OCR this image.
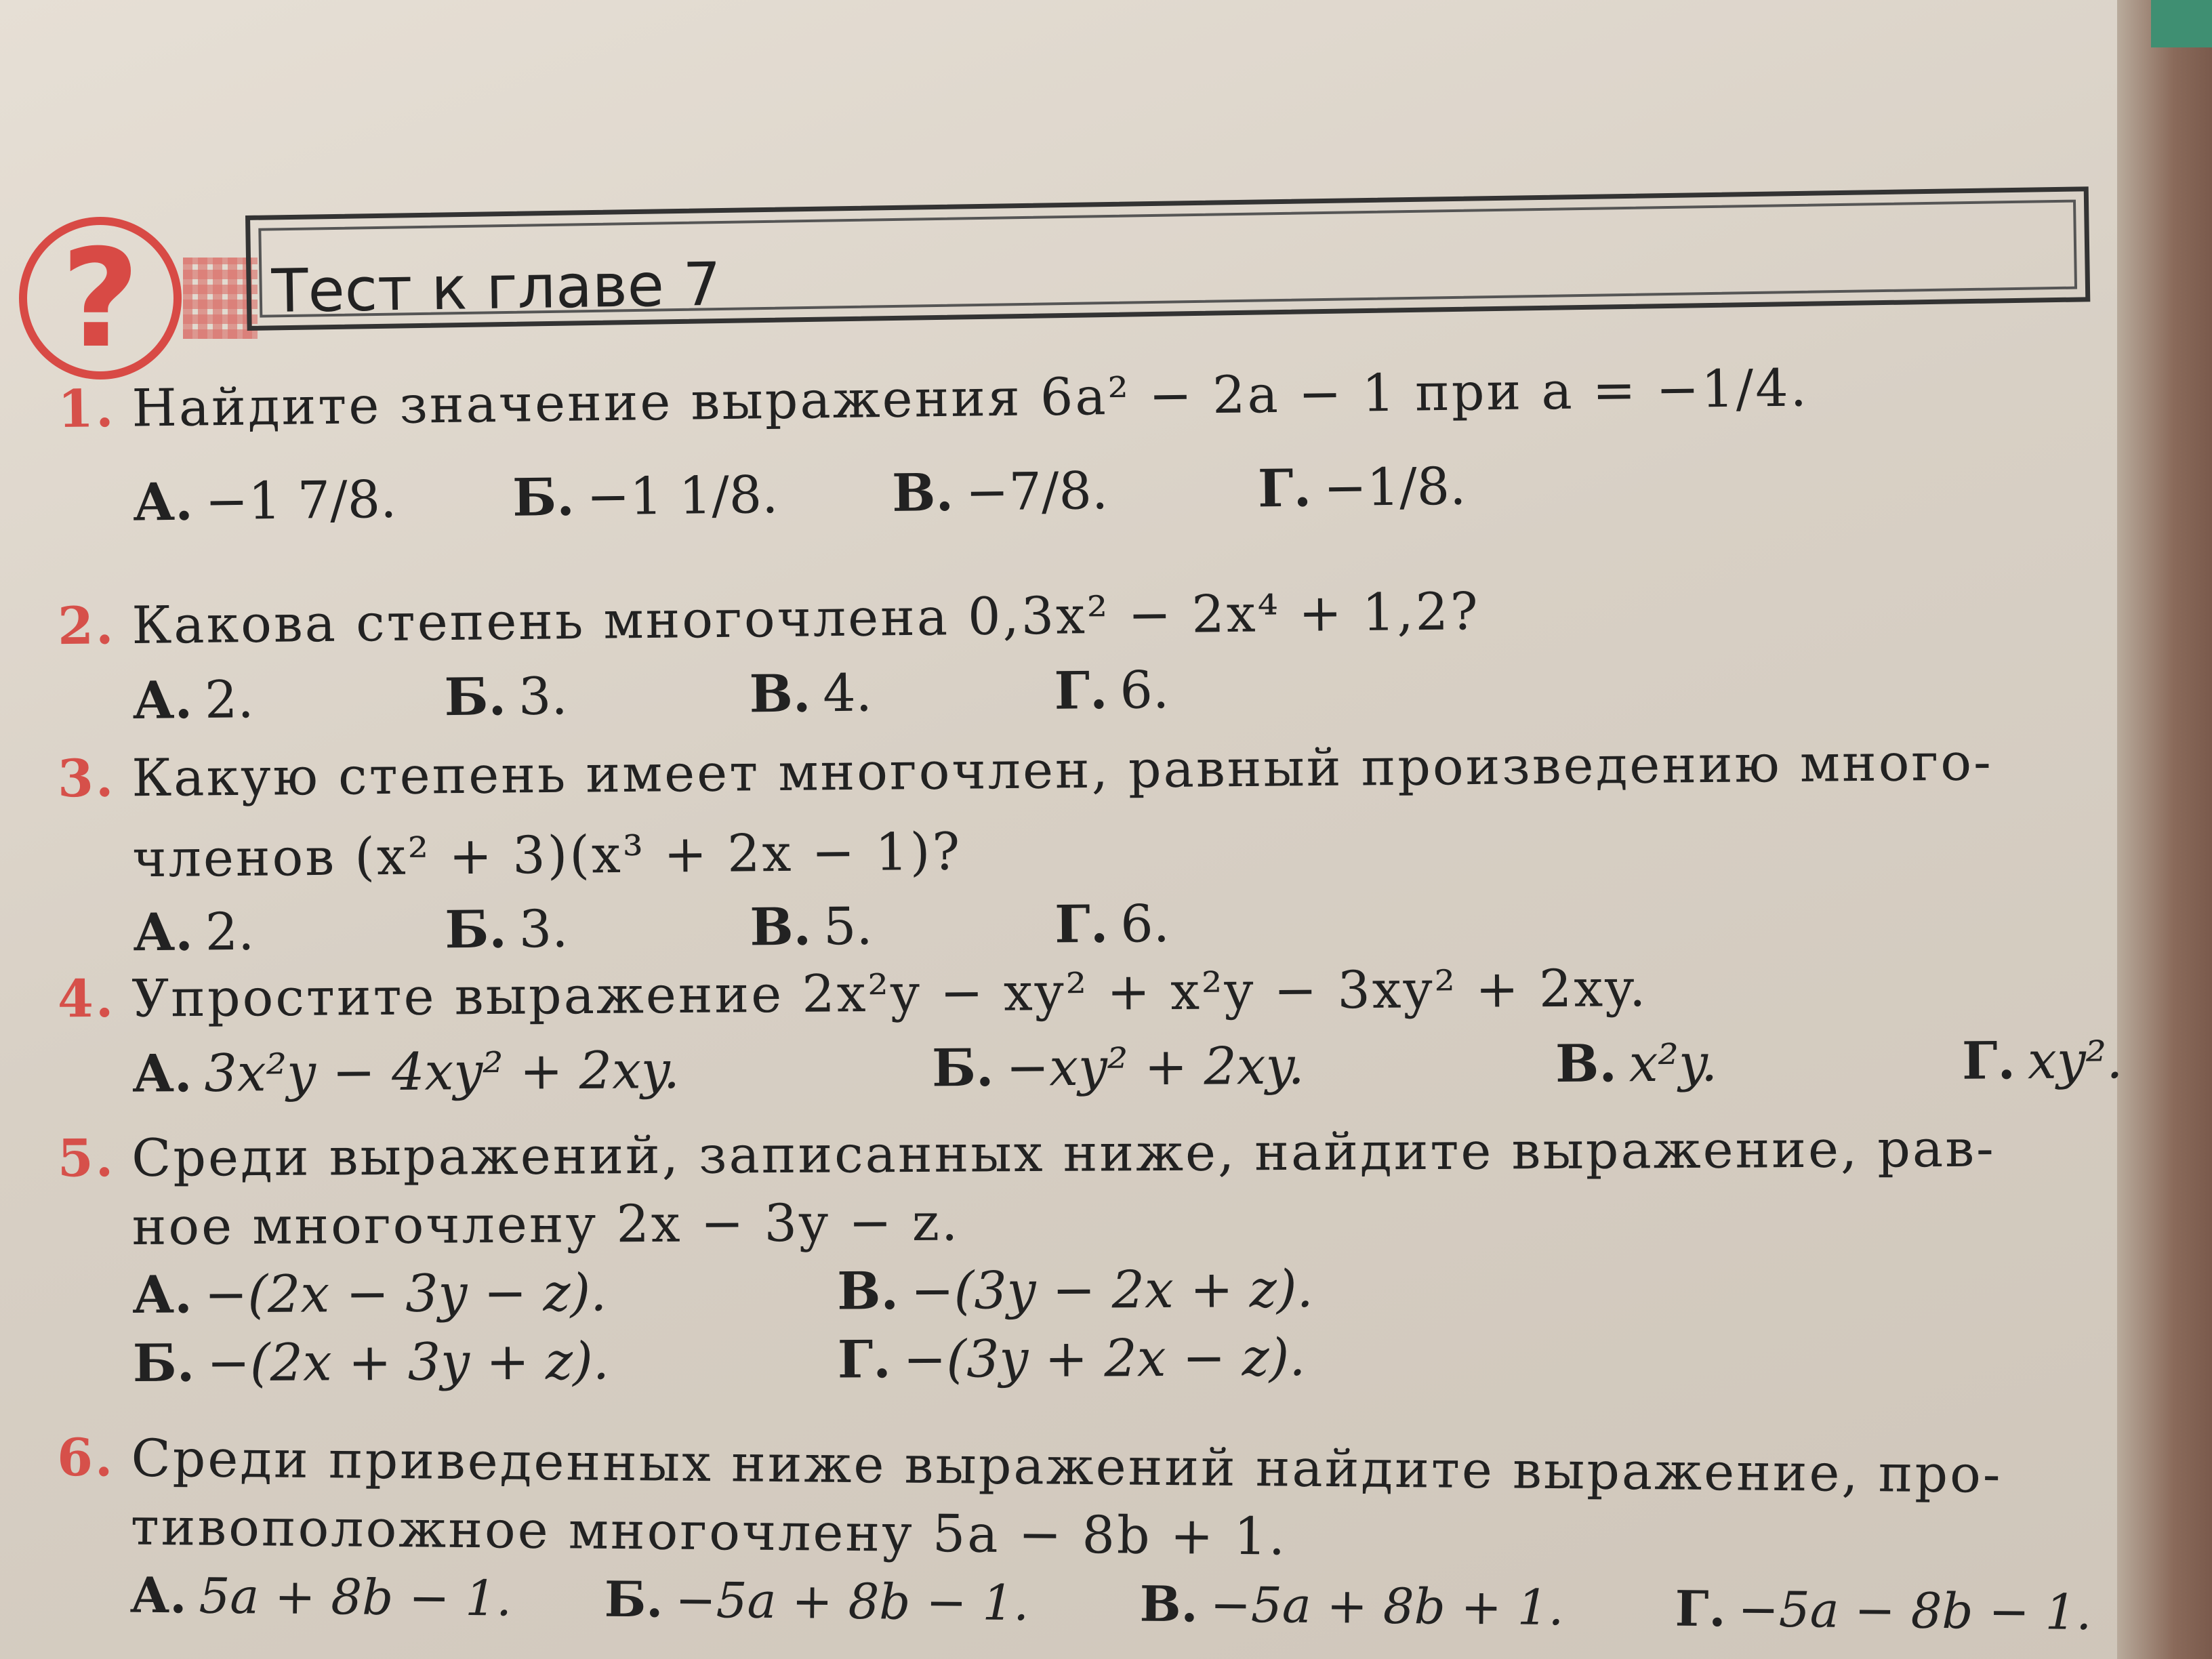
?	Тест к главе 7
1. Найдите значение выражения 6a² − 2a − 1 при a = −1/4.
А. −1 7/8. Б. −1 1/8. В. −7/8.	Г. −1/8.
2. Какова степень многочлена 0,3x² − 2x⁴ + 1,2?
А. 2.	Б. 3.	В. 4.	Г. 6.
3. Какую степень имеет многочлен, равный произведению много-
членов (x² + 3)(x³ + 2x − 1)?
А. 2.	Б. 3.	В. 5.	Г. 6.
4. Упростите выражение 2x²y − xy² + x²y − 3xy² + 2xy.
А. 3x²y − 4xy² + 2xy.	Б. −xy² + 2xy.	В. x²y.	Г. xy².
5. Среди выражений, записанных ниже, найдите выражение, рав-
ное многочлену 2x − 3y − z.
А. −(2x − 3y − z).	В. −(3y − 2x + z).
Б. −(2x + 3y + z).	Г. −(3y + 2x − z).
6. Среди приведенных ниже выражений найдите выражение, про-
тивоположное многочлену 5a − 8b + 1.
А. 5a + 8b − 1. Б. −5a + 8b − 1. В. −5a + 8b + 1. Г. −5a − 8b − 1.
